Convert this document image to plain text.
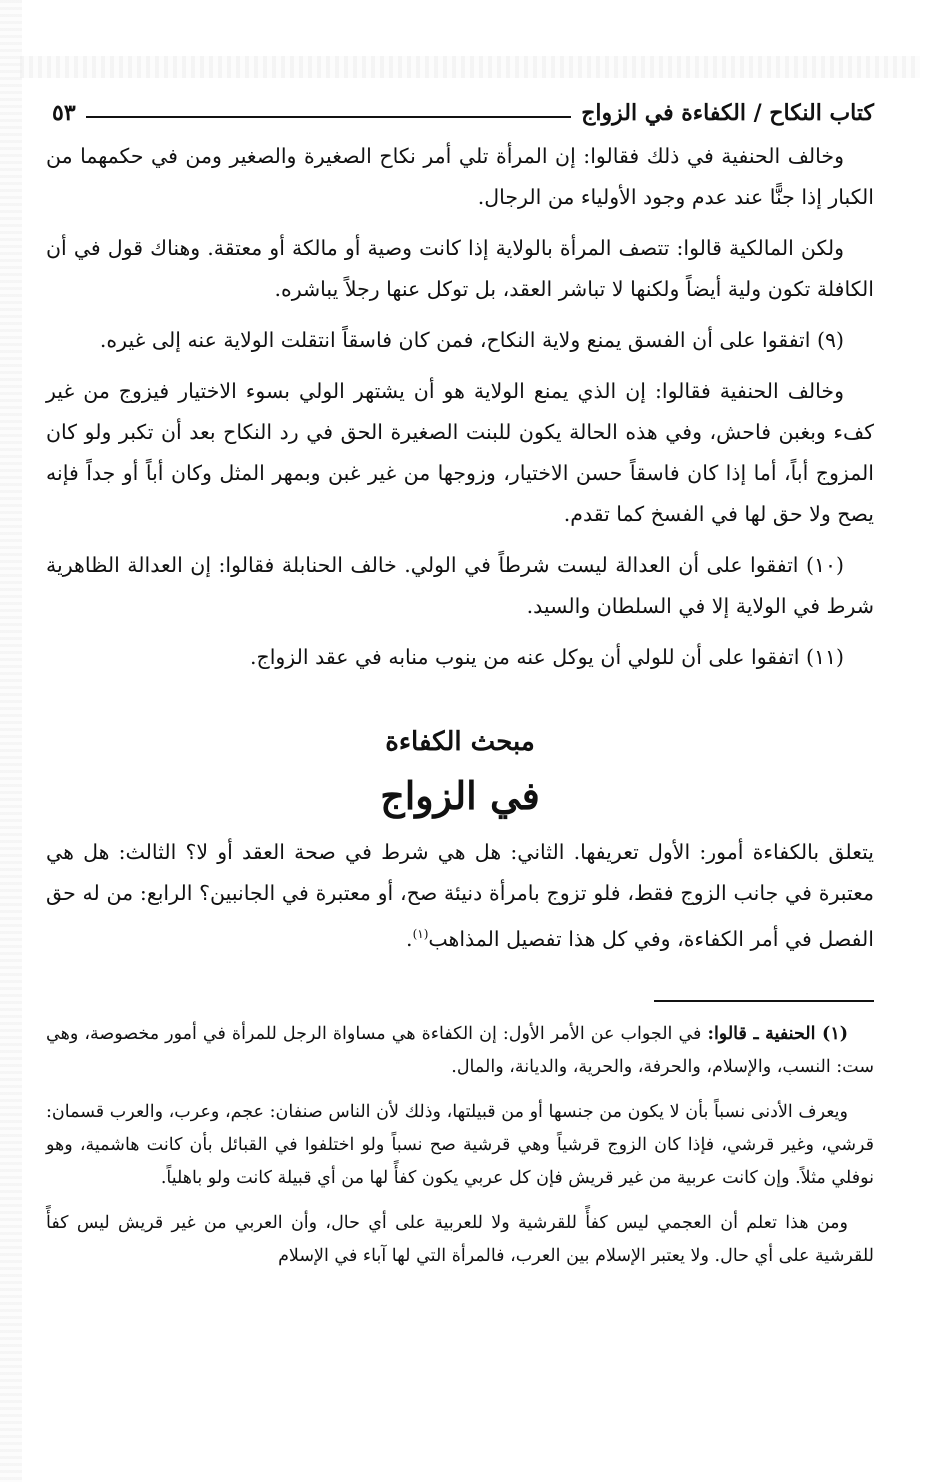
كتاب النكاح / الكفاءة في الزواج
٥٣

وخالف الحنفية في ذلك فقالوا: إن المرأة تلي أمر نكاح الصغيرة والصغير ومن في حكمهما من الكبار إذا جنًّا عند عدم وجود الأولياء من الرجال.

ولكن المالكية قالوا: تتصف المرأة بالولاية إذا كانت وصية أو مالكة أو معتقة. وهناك قول في أن الكافلة تكون ولية أيضاً ولكنها لا تباشر العقد، بل توكل عنها رجلاً يباشره.

(٩) اتفقوا على أن الفسق يمنع ولاية النكاح، فمن كان فاسقاً انتقلت الولاية عنه إلى غيره.

وخالف الحنفية فقالوا: إن الذي يمنع الولاية هو أن يشتهر الولي بسوء الاختيار فيزوج من غير كفء وبغبن فاحش، وفي هذه الحالة يكون للبنت الصغيرة الحق في رد النكاح بعد أن تكبر ولو كان المزوج أباً، أما إذا كان فاسقاً حسن الاختيار، وزوجها من غير غبن وبمهر المثل وكان أباً أو جداً فإنه يصح ولا حق لها في الفسخ كما تقدم.

(١٠) اتفقوا على أن العدالة ليست شرطاً في الولي. خالف الحنابلة فقالوا: إن العدالة الظاهرية شرط في الولاية إلا في السلطان والسيد.

(١١) اتفقوا على أن للولي أن يوكل عنه من ينوب منابه في عقد الزواج.

مبحث الكفاءة
في الزواج

يتعلق بالكفاءة أمور: الأول تعريفها. الثاني: هل هي شرط في صحة العقد أو لا؟ الثالث: هل هي معتبرة في جانب الزوج فقط، فلو تزوج بامرأة دنيئة صح، أو معتبرة في الجانبين؟ الرابع: من له حق الفصل في أمر الكفاءة، وفي كل هذا تفصيل المذاهب$^{(١)}$.

(١) الحنفية ـ قالوا: في الجواب عن الأمر الأول: إن الكفاءة هي مساواة الرجل للمرأة في أمور مخصوصة، وهي ست: النسب، والإسلام، والحرفة، والحرية، والديانة، والمال.

ويعرف الأدنى نسباً بأن لا يكون من جنسها أو من قبيلتها، وذلك لأن الناس صنفان: عجم، وعرب، والعرب قسمان: قرشي، وغير قرشي، فإذا كان الزوج قرشياً وهي قرشية صح نسباً ولو اختلفوا في القبائل بأن كانت هاشمية، وهو نوفلي مثلاً. وإن كانت عربية من غير قريش فإن كل عربي يكون كفأً لها من أي قبيلة كانت ولو باهلياً.

ومن هذا تعلم أن العجمي ليس كفأً للقرشية ولا للعربية على أي حال، وأن العربي من غير قريش ليس كفأً للقرشية على أي حال. ولا يعتبر الإسلام بين العرب، فالمرأة التي لها آباء في الإسلام
